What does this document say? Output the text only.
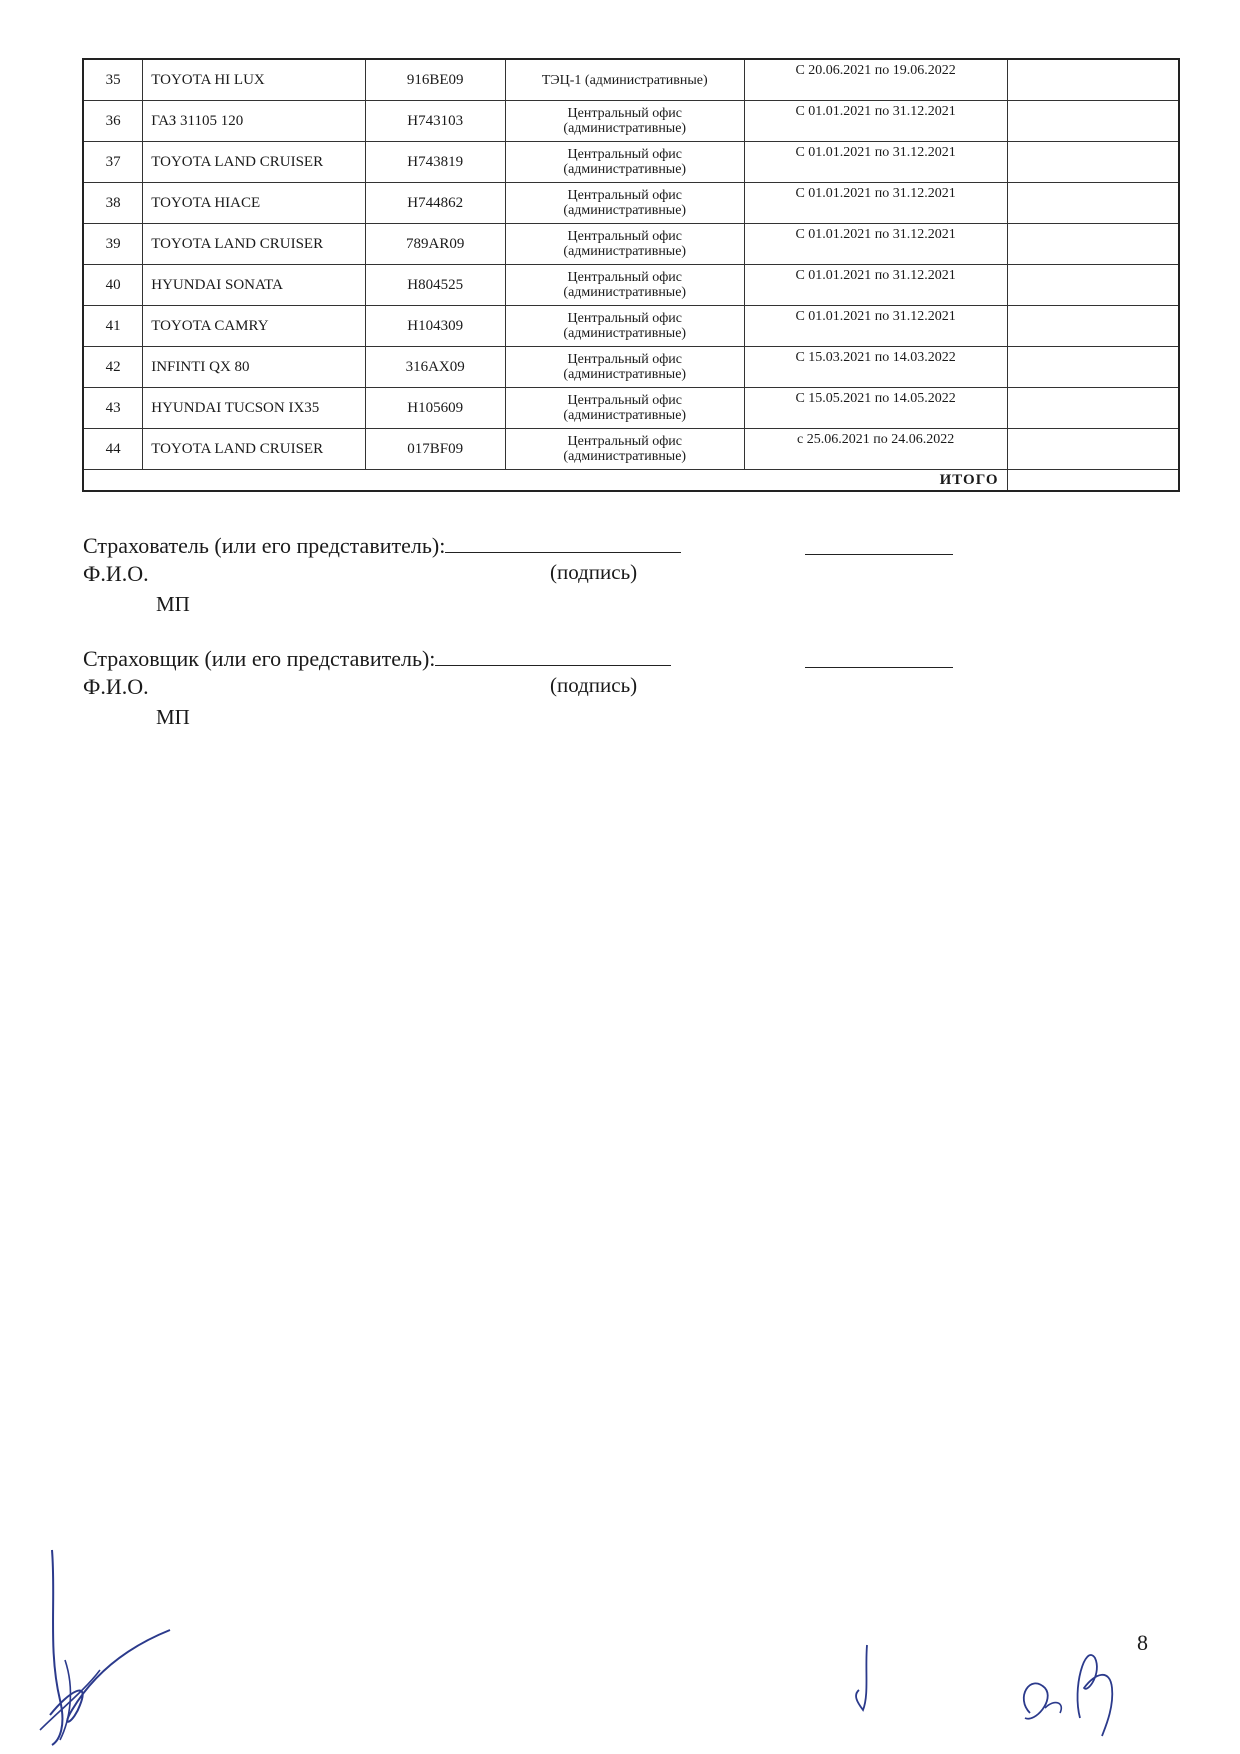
35	TOYOTA HI LUX	916BE09	ТЭЦ-1 (административные)	С 20.06.2021 по 19.06.2022	
36	ГАЗ 31105 120	H743103	Центральный офис (административные)	С 01.01.2021 по 31.12.2021	
37	TOYOTA LAND CRUISER	H743819	Центральный офис (административные)	С 01.01.2021 по 31.12.2021	
38	TOYOTA HIACE	H744862	Центральный офис (административные)	С 01.01.2021 по 31.12.2021	
39	TOYOTA LAND CRUISER	789AR09	Центральный офис (административные)	С 01.01.2021 по 31.12.2021	
40	HYUNDAI SONATA	H804525	Центральный офис (административные)	С 01.01.2021 по 31.12.2021	
41	TOYOTA CAMRY	H104309	Центральный офис (административные)	С 01.01.2021 по 31.12.2021	
42	INFINTI QX 80	316AX09	Центральный офис (административные)	С 15.03.2021 по 14.03.2022	
43	HYUNDAI TUCSON IX35	H105609	Центральный офис (административные)	С 15.05.2021 по 14.05.2022	
44	TOYOTA LAND CRUISER	017BF09	Центральный офис (административные)	с 25.06.2021 по 24.06.2022	
ИТОГО					
Страхователь (или его представитель):
Ф.И.О.	(подпись)
МП
Страховщик (или его представитель):
Ф.И.О.	(подпись)
МП
8
